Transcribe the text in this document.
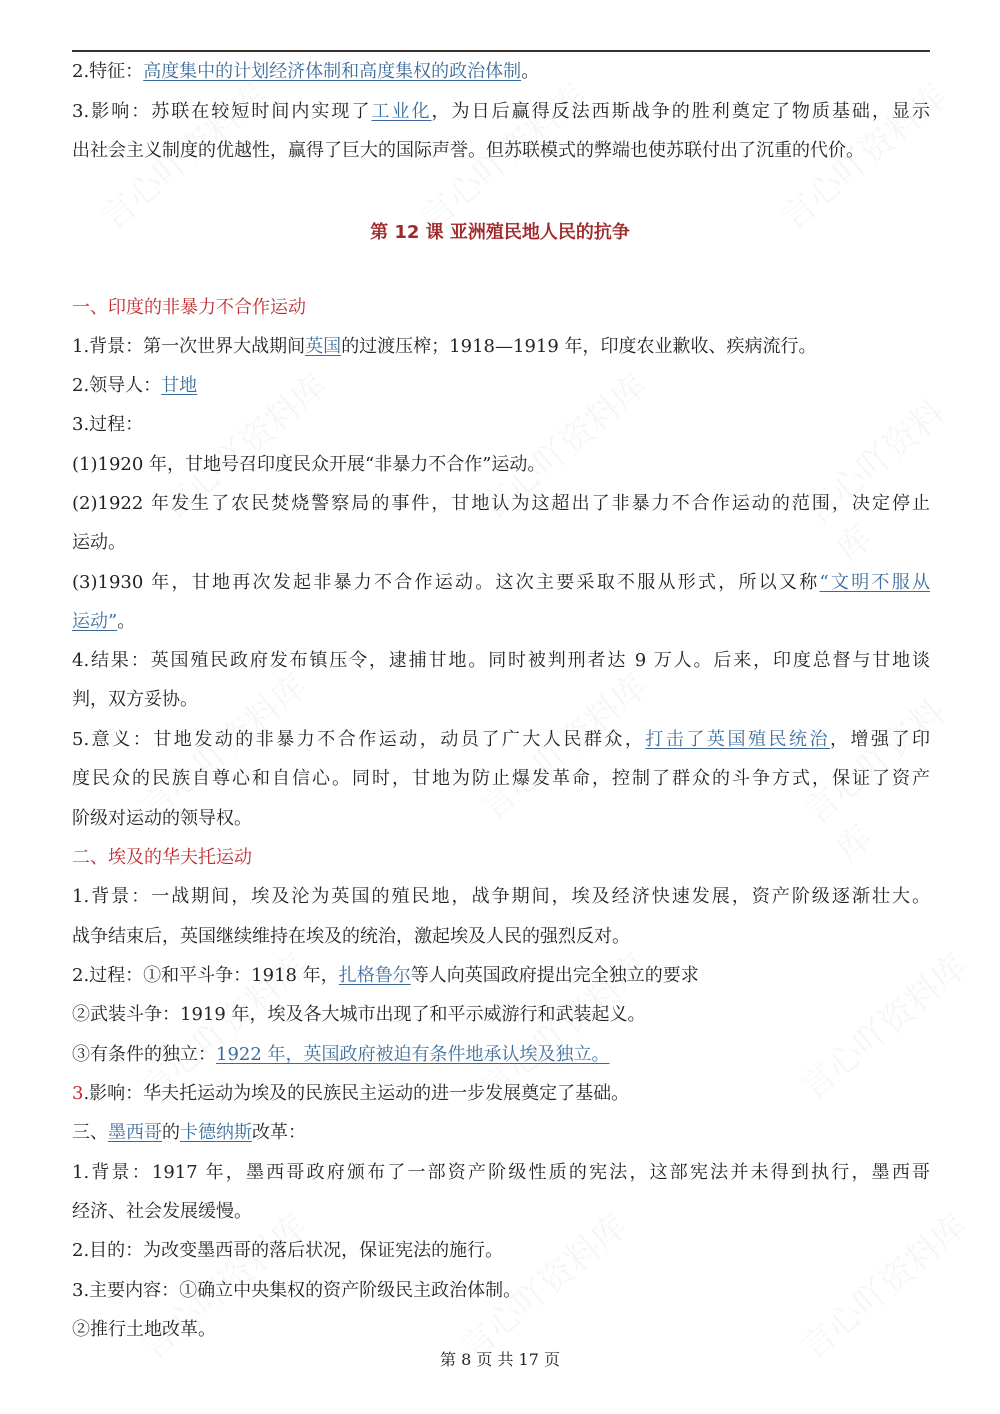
2.特征：高度集中的计划经济体制和高度集权的政治体制。
3.影响：苏联在较短时间内实现了工业化，为日后赢得反法西斯战争的胜利奠定了物质基础，显示
出社会主义制度的优越性，赢得了巨大的国际声誉。但苏联模式的弊端也使苏联付出了沉重的代价。
一、印度的非暴力不合作运动
1.背景：第一次世界大战期间英国的过渡压榨；1918—1919 年，印度农业歉收、疾病流行。
2.领导人：甘地
3.过程：
(1)1920 年，甘地号召印度民众开展“非暴力不合作”运动。
(2)1922 年发生了农民焚烧警察局的事件，甘地认为这超出了非暴力不合作运动的范围，决定停止
运动。
(3)1930 年，甘地再次发起非暴力不合作运动。这次主要采取不服从形式，所以又称“文明不服从
运动”。
4.结果：英国殖民政府发布镇压令，逮捕甘地。同时被判刑者达 9 万人。后来，印度总督与甘地谈
判，双方妥协。
5.意义：甘地发动的非暴力不合作运动，动员了广大人民群众，打击了英国殖民统治，增强了印
度民众的民族自尊心和自信心。同时，甘地为防止爆发革命，控制了群众的斗争方式，保证了资产
阶级对运动的领导权。
二、埃及的华夫托运动
1.背景：一战期间，埃及沦为英国的殖民地，战争期间，埃及经济快速发展，资产阶级逐渐壮大。
战争结束后，英国继续维持在埃及的统治，激起埃及人民的强烈反对。
2.过程：①和平斗争：1918 年，扎格鲁尔等人向英国政府提出完全独立的要求
②武装斗争：1919 年，埃及各大城市出现了和平示威游行和武装起义。
③有条件的独立：1922 年，英国政府被迫有条件地承认埃及独立。
3.影响：华夫托运动为埃及的民族民主运动的进一步发展奠定了基础。
三、墨西哥的卡德纳斯改革：
1.背景：1917 年，墨西哥政府颁布了一部资产阶级性质的宪法，这部宪法并未得到执行，墨西哥
经济、社会发展缓慢。
2.目的：为改变墨西哥的落后状况，保证宪法的施行。
3.主要内容：①确立中央集权的资产阶级民主政治体制。
②推行土地改革。
第 12 课 亚洲殖民地人民的抗争
第 8 页 共 17 页
